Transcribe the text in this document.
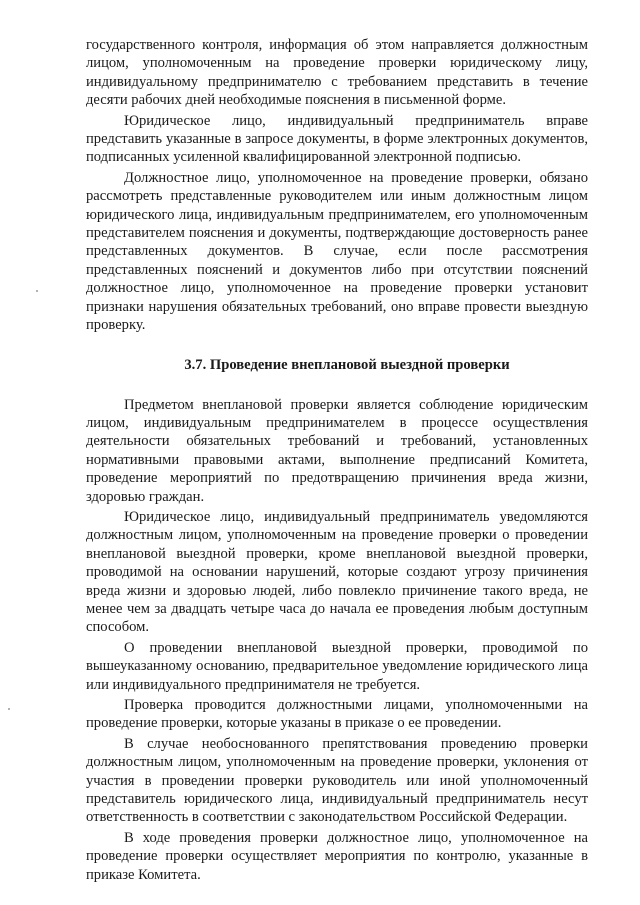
государственного контроля, информация об этом направляется должностным лицом, уполномоченным на проведение проверки юридическому лицу, индивидуальному предпринимателю с требованием представить в течение десяти рабочих дней необходимые пояснения в письменной форме.

Юридическое лицо, индивидуальный предприниматель вправе представить указанные в запросе документы, в форме электронных документов, подписанных усиленной квалифицированной электронной подписью.

Должностное лицо, уполномоченное на проведение проверки, обязано рассмотреть представленные руководителем или иным должностным лицом юридического лица, индивидуальным предпринимателем, его уполномоченным представителем пояснения и документы, подтверждающие достоверность ранее представленных документов. В случае, если после рассмотрения представленных пояснений и документов либо при отсутствии пояснений должностное лицо, уполномоченное на проведение проверки установит признаки нарушения обязательных требований, оно вправе провести выездную проверку.

3.7. Проведение внеплановой выездной проверки

Предметом внеплановой проверки является соблюдение юридическим лицом, индивидуальным предпринимателем в процессе осуществления деятельности обязательных требований и требований, установленных нормативными правовыми актами, выполнение предписаний Комитета, проведение мероприятий по предотвращению причинения вреда жизни, здоровью граждан.

Юридическое лицо, индивидуальный предприниматель уведомляются должностным лицом, уполномоченным на проведение проверки о проведении внеплановой выездной проверки, кроме внеплановой выездной проверки, проводимой на основании нарушений, которые создают угрозу причинения вреда жизни и здоровью людей, либо повлекло причинение такого вреда, не менее чем за двадцать четыре часа до начала ее проведения любым доступным способом.

О проведении внеплановой выездной проверки, проводимой по вышеуказанному основанию, предварительное уведомление юридического лица или индивидуального предпринимателя не требуется.

Проверка проводится должностными лицами, уполномоченными на проведение проверки, которые указаны в приказе о ее проведении.

В случае необоснованного препятствования проведению проверки должностным лицом, уполномоченным на проведение проверки, уклонения от участия в проведении проверки руководитель или иной уполномоченный представитель юридического лица, индивидуальный предприниматель несут ответственность в соответствии с законодательством Российской Федерации.

В ходе проведения проверки должностное лицо, уполномоченное на проведение проверки осуществляет мероприятия по контролю, указанные в приказе Комитета.
